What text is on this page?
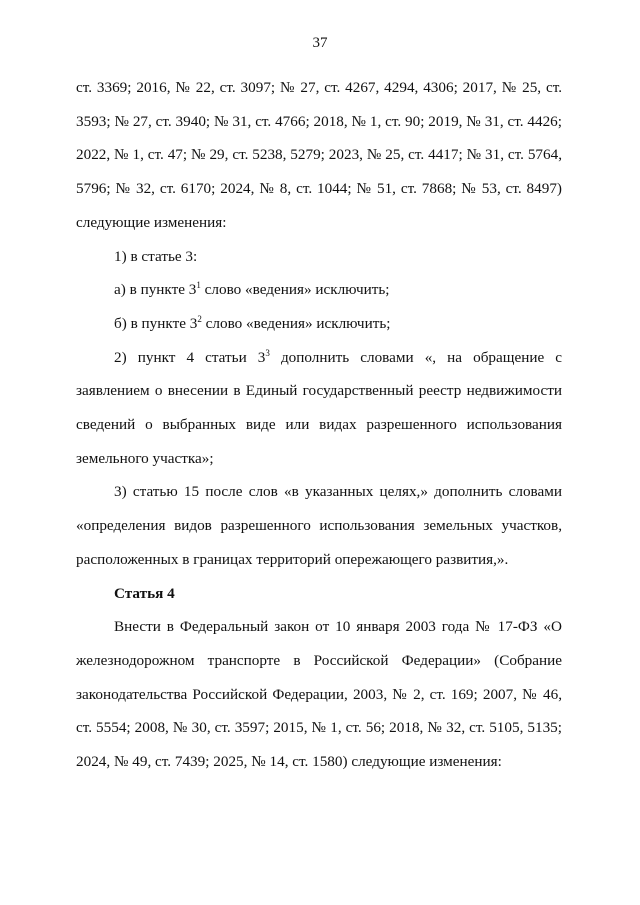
37

ст. 3369; 2016, № 22, ст. 3097; № 27, ст. 4267, 4294, 4306; 2017, № 25, ст. 3593; № 27, ст. 3940; № 31, ст. 4766; 2018, № 1, ст. 90; 2019, № 31, ст. 4426; 2022, № 1, ст. 47; № 29, ст. 5238, 5279; 2023, № 25, ст. 4417; № 31, ст. 5764, 5796; № 32, ст. 6170; 2024, № 8, ст. 1044; № 51, ст. 7868; № 53, ст. 8497) следующие изменения:

1) в статье 3:

а) в пункте $3^1$ слово «ведения» исключить;

б) в пункте $3^2$ слово «ведения» исключить;

2) пункт 4 статьи $3^3$ дополнить словами «, на обращение с заявлением о внесении в Единый государственный реестр недвижимости сведений о выбранных виде или видах разрешенного использования земельного участка»;

3) статью 15 после слов «в указанных целях,» дополнить словами «определения видов разрешенного использования земельных участков, расположенных в границах территорий опережающего развития,».

Статья 4

Внести в Федеральный закон от 10 января 2003 года № 17-ФЗ «О железнодорожном транспорте в Российской Федерации» (Собрание законодательства Российской Федерации, 2003, № 2, ст. 169; 2007, № 46, ст. 5554; 2008, № 30, ст. 3597; 2015, № 1, ст. 56; 2018, № 32, ст. 5105, 5135; 2024, № 49, ст. 7439; 2025, № 14, ст. 1580) следующие изменения:
